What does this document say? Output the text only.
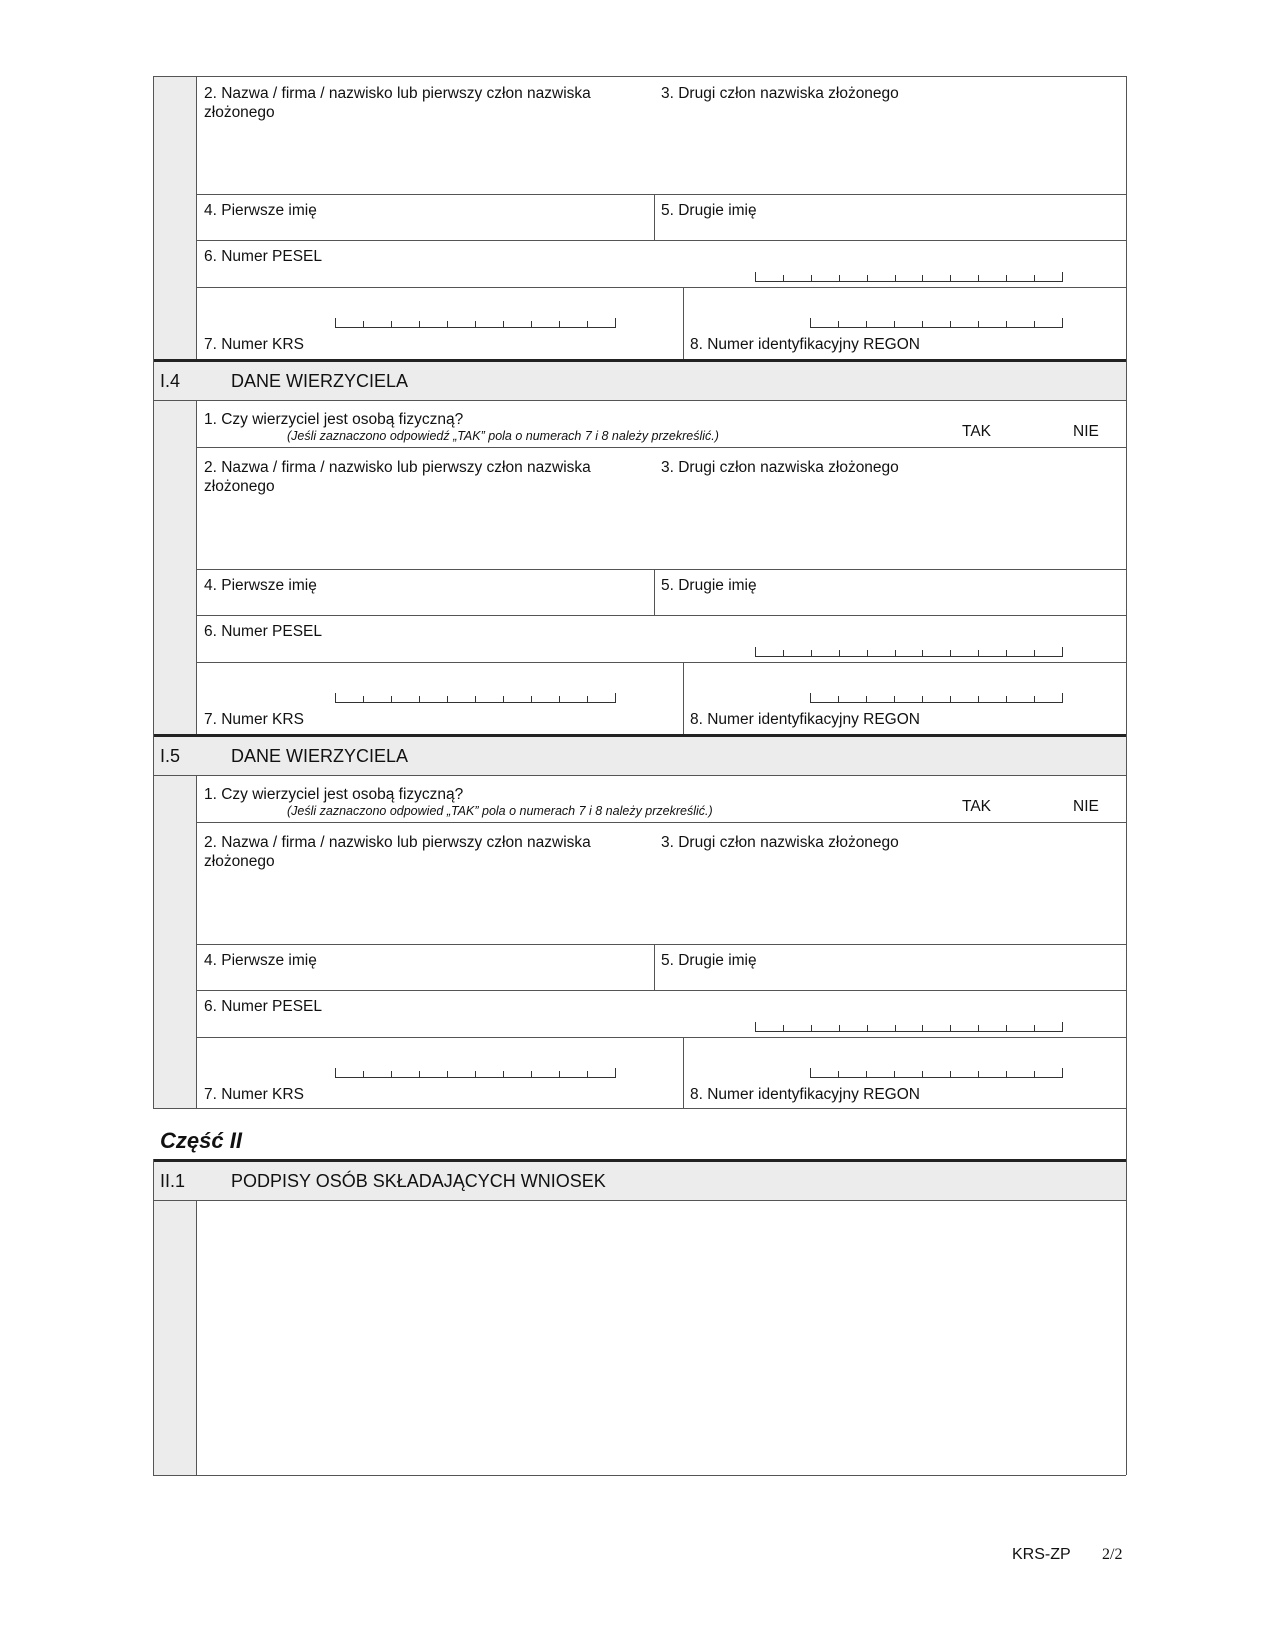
2. Nazwa / firma / nazwisko lub pierwszy człon nazwiska złożonego
3. Drugi człon nazwiska złożonego
4. Pierwsze imię	5. Drugie imię
6. Numer PESEL
7. Numer KRS	8. Numer identyfikacyjny REGON
I.4	DANE WIERZYCIELA
1. Czy wierzyciel jest osobą fizyczną?
(Jeśli zaznaczono odpowiedź „TAK” pola o numerach 7 i 8 należy przekreślić.)	TAK	NIE
2. Nazwa / firma / nazwisko lub pierwszy człon nazwiska złożonego
3. Drugi człon nazwiska złożonego
4. Pierwsze imię	5. Drugie imię
6. Numer PESEL
7. Numer KRS	8. Numer identyfikacyjny REGON
I.5	DANE WIERZYCIELA
1. Czy wierzyciel jest osobą fizyczną?
(Jeśli zaznaczono odpowied „TAK” pola o numerach 7 i 8 należy przekreślić.)	TAK	NIE
2. Nazwa / firma / nazwisko lub pierwszy człon nazwiska złożonego
3. Drugi człon nazwiska złożonego
4. Pierwsze imię	5. Drugie imię
6. Numer PESEL
7. Numer KRS	8. Numer identyfikacyjny REGON
Część II
II.1	PODPISY OSÓB SKŁADAJĄCYCH WNIOSEK
KRS-ZP 2/2
